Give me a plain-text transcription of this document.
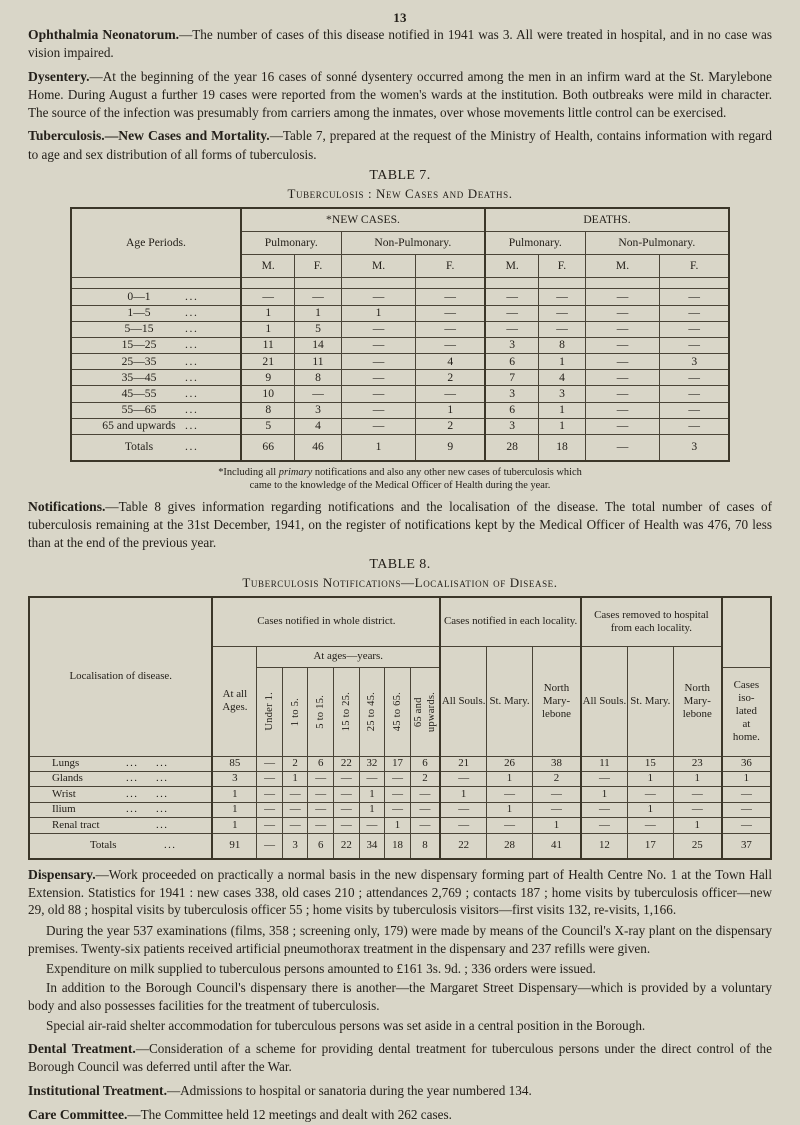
13

Ophthalmia Neonatorum.—The number of cases of this disease notified in 1941 was 3. All were treated in hospital, and in no case was vision impaired.

Dysentery.—At the beginning of the year 16 cases of sonné dysentery occurred among the men in an infirm ward at the St. Marylebone Home. During August a further 19 cases were reported from the women's wards at the institution. Both outbreaks were mild in character. The source of the infection was presumably from carriers among the inmates, over whose movements little control can be exercised.

Tuberculosis.—New Cases and Mortality.—Table 7, prepared at the request of the Ministry of Health, contains information with regard to age and sex distribution of all forms of tuberculosis.

TABLE 7.
Tuberculosis : New Cases and Deaths.
Age Periods.	*NEW CASES.				DEATHS.			
	Pulmonary.		Non-Pulmonary.		Pulmonary.		Non-Pulmonary.	
	M.	F.	M.	F.	M.	F.	M.	F.

0—1 ...	—	—	—	—	—	—	—	—

1—5 ...	1	1	1	—	—	—	—	—

5—15 ...	1	5	—	—	—	—	—	—

15—25 ...	11	14	—	—	3	8	—	—

25—35 ...	21	11	—	4	6	1	—	3

35—45 ...	9	8	—	2	7	4	—	—

45—55 ...	10	—	—	—	3	3	—	—

55—65 ...	8	3	—	1	6	1	—	—

65 and upwards ...	5	4	—	2	3	1	—	—

Totals ...	66	46	1	9	28	18	—	3
*Including all primary notifications and also any other new cases of tuberculosis which
came to the knowledge of the Medical Officer of Health during the year.

Notifications.—Table 8 gives information regarding notifications and the localisation of the disease. The total number of cases of tuberculosis remaining at the 31st December, 1941, on the register of notifications kept by the Medical Officer of Health was 476, 70 less than at the end of the previous year.

TABLE 8.
Tuberculosis Notifications—Localisation of Disease.
Localisation of disease.	Cases notified in whole district.								Cases notified in each locality.			Cases removed to hospital from each locality.			
	At all Ages.	At ages—years.							All Souls.	St. Mary.	North Mary-lebone	All Souls.	St. Mary.	North Mary-lebone	

		Under 1.	1 to 5.	5 to 15.	15 to 25.	25 to 45.	45 to 65.	65 and upwards.							Cases
iso-
lated
at
home.
Lungs ... ...	85	—	2	6	22	32	17	6	21	26	38	11	15	23	36
Glands ... ...	3	—	1	—	—	—	—	2	—	1	2	—	1	1	1
Wrist ... ...	1	—	—	—	—	1	—	—	1	—	—	1	—	—	—
Ilium ... ...	1	—	—	—	—	1	—	—	—	1	—	—	1	—	—
Renal tract ...	1	—	—	—	—	—	1	—	—	—	1	—	—	1	—
Totals ...	91	—	3	6	22	34	18	8	22	28	41	12	17	25	37

Dispensary.—Work proceeded on practically a normal basis in the new dispensary forming part of Health Centre No. 1 at the Town Hall Extension. Statistics for 1941 : new cases 338, old cases 210 ; attendances 2,769 ; contacts 187 ; home visits by tuberculosis officer—new 29, old 88 ; hospital visits by tuberculosis officer 55 ; home visits by tuberculosis visitors—first visits 132, re-visits, 1,166.

During the year 537 examinations (films, 358 ; screening only, 179) were made by means of the Council's X-ray plant on the dispensary premises. Twenty-six patients received artificial pneumothorax treatment in the dispensary and 237 refills were given.

Expenditure on milk supplied to tuberculous persons amounted to £161 3s. 9d. ; 336 orders were issued.

In addition to the Borough Council's dispensary there is another—the Margaret Street Dispensary—which is provided by a voluntary body and also possesses facilities for the treatment of tuberculosis.

Special air-raid shelter accommodation for tuberculous persons was set aside in a central position in the Borough.

Dental Treatment.—Consideration of a scheme for providing dental treatment for tuberculous persons under the direct control of the Borough Council was deferred until after the War.

Institutional Treatment.—Admissions to hospital or sanatoria during the year numbered 134.

Care Committee.—The Committee held 12 meetings and dealt with 262 cases.
